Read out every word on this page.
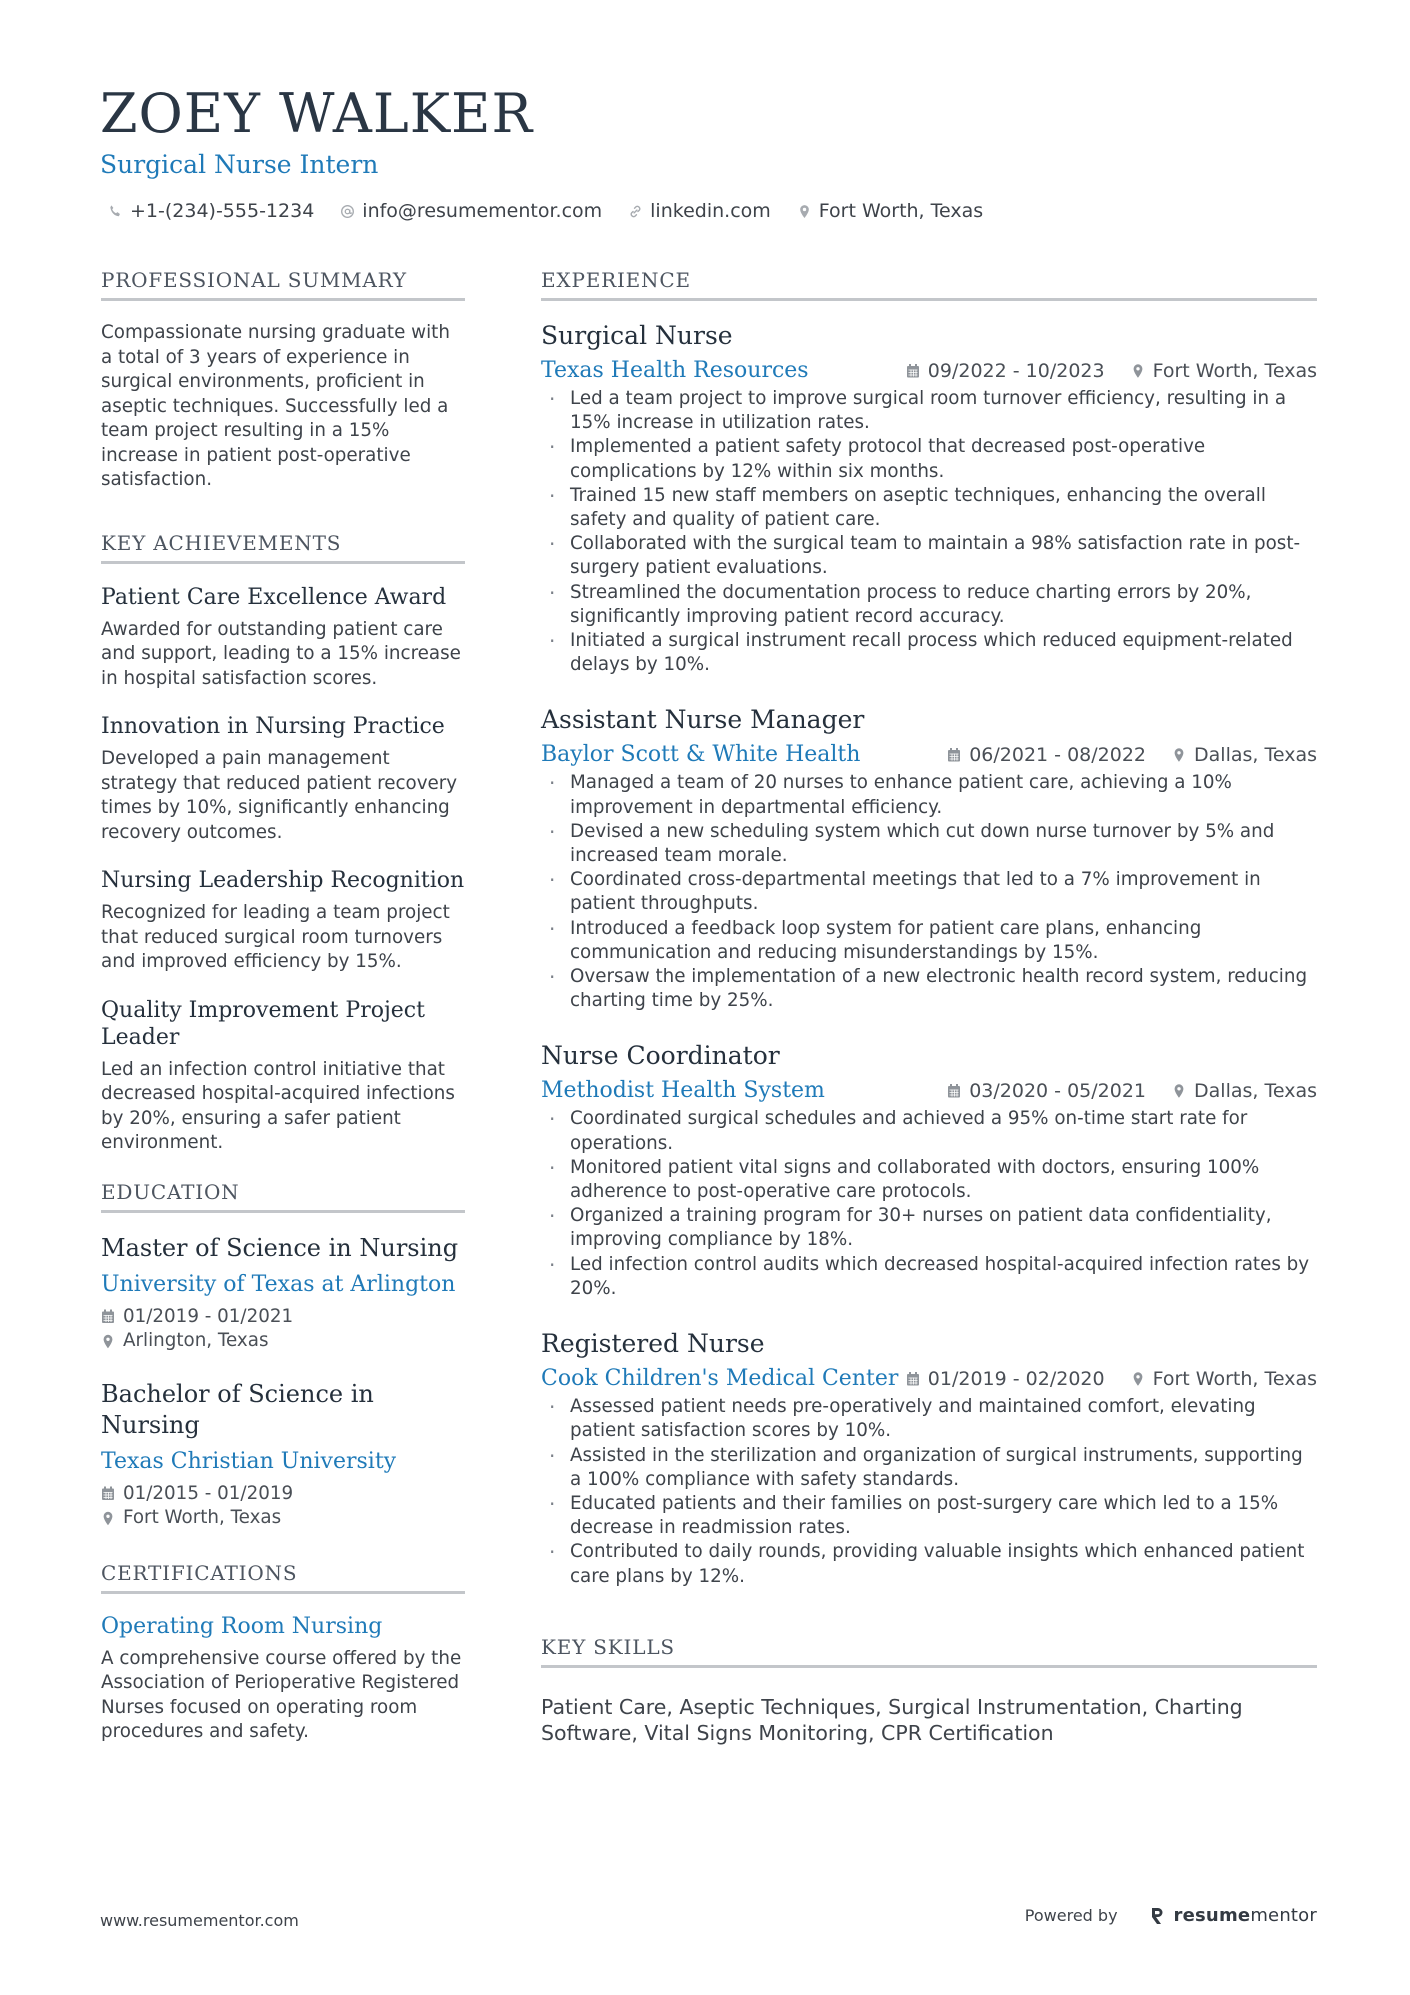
ZOEY WALKER
Surgical Nurse Intern
+1-(234)-555-1234	info@resumementor.com	linkedin.com	Fort Worth, Texas
PROFESSIONAL SUMMARY
Compassionate nursing graduate with a total of 3 years of experience in surgical environments, proficient in aseptic techniques. Successfully led a team project resulting in a 15% increase in patient post-operative satisfaction.
KEY ACHIEVEMENTS
Patient Care Excellence Award
Awarded for outstanding patient care and support, leading to a 15% increase in hospital satisfaction scores.
Innovation in Nursing Practice
Developed a pain management strategy that reduced patient recovery times by 10%, significantly enhancing recovery outcomes.
Nursing Leadership Recognition
Recognized for leading a team project that reduced surgical room turnovers and improved efficiency by 15%.
Quality Improvement Project Leader
Led an infection control initiative that decreased hospital-acquired infections by 20%, ensuring a safer patient environment.
EDUCATION
Master of Science in Nursing
University of Texas at Arlington
01/2019 - 01/2021
Arlington, Texas
Bachelor of Science in Nursing
Texas Christian University
01/2015 - 01/2019
Fort Worth, Texas
CERTIFICATIONS
Operating Room Nursing
A comprehensive course offered by the Association of Perioperative Registered Nurses focused on operating room procedures and safety.
EXPERIENCE
Surgical Nurse
Texas Health Resources	09/2022 - 10/2023	Fort Worth, Texas
· Led a team project to improve surgical room turnover efficiency, resulting in a 15% increase in utilization rates.
· Implemented a patient safety protocol that decreased post-operative complications by 12% within six months.
· Trained 15 new staff members on aseptic techniques, enhancing the overall safety and quality of patient care.
· Collaborated with the surgical team to maintain a 98% satisfaction rate in post-surgery patient evaluations.
· Streamlined the documentation process to reduce charting errors by 20%, significantly improving patient record accuracy.
· Initiated a surgical instrument recall process which reduced equipment-related delays by 10%.
Assistant Nurse Manager
Baylor Scott & White Health	06/2021 - 08/2022	Dallas, Texas
· Managed a team of 20 nurses to enhance patient care, achieving a 10% improvement in departmental efficiency.
· Devised a new scheduling system which cut down nurse turnover by 5% and increased team morale.
· Coordinated cross-departmental meetings that led to a 7% improvement in patient throughputs.
· Introduced a feedback loop system for patient care plans, enhancing communication and reducing misunderstandings by 15%.
· Oversaw the implementation of a new electronic health record system, reducing charting time by 25%.
Nurse Coordinator
Methodist Health System	03/2020 - 05/2021	Dallas, Texas
· Coordinated surgical schedules and achieved a 95% on-time start rate for operations.
· Monitored patient vital signs and collaborated with doctors, ensuring 100% adherence to post-operative care protocols.
· Organized a training program for 30+ nurses on patient data confidentiality, improving compliance by 18%.
· Led infection control audits which decreased hospital-acquired infection rates by 20%.
Registered Nurse
Cook Children's Medical Center 01/2019 - 02/2020	Fort Worth, Texas
· Assessed patient needs pre-operatively and maintained comfort, elevating patient satisfaction scores by 10%.
· Assisted in the sterilization and organization of surgical instruments, supporting a 100% compliance with safety standards.
· Educated patients and their families on post-surgery care which led to a 15% decrease in readmission rates.
· Contributed to daily rounds, providing valuable insights which enhanced patient care plans by 12%.
KEY SKILLS
Patient Care, Aseptic Techniques, Surgical Instrumentation, Charting Software, Vital Signs Monitoring, CPR Certification
www.resumementor.com	Powered by	resumementor
